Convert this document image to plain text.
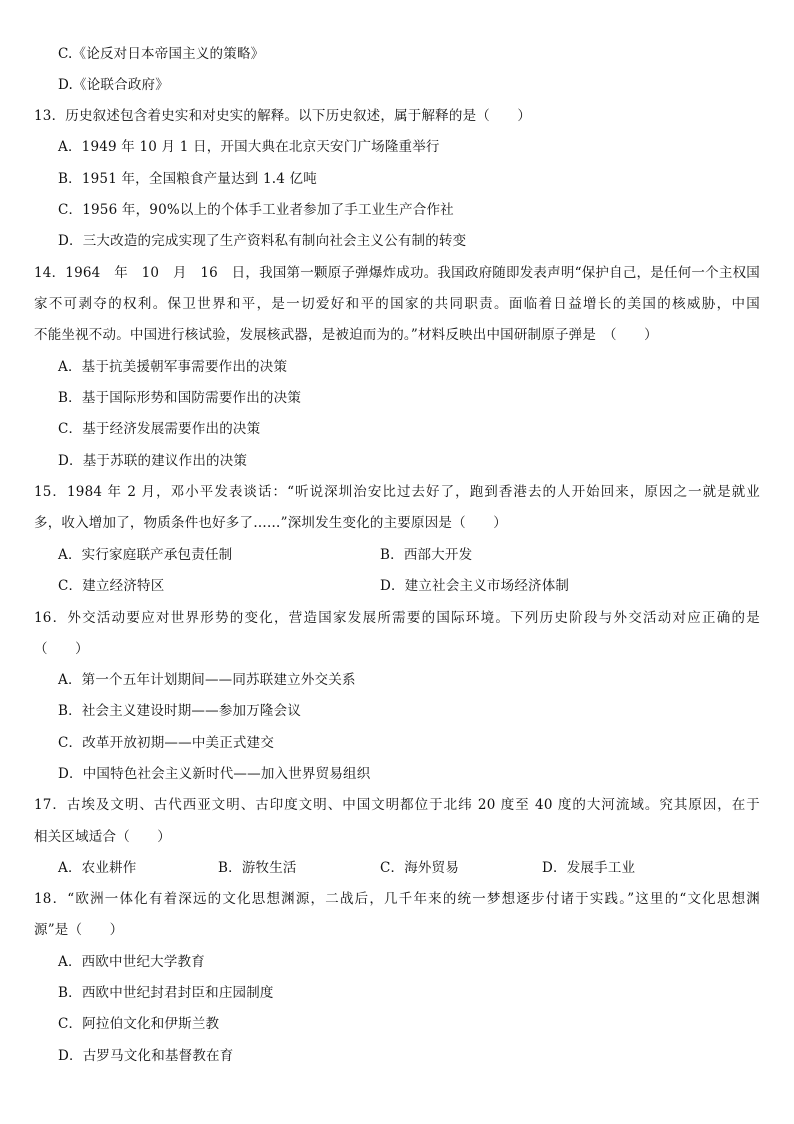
C.《论反对日本帝国主义的策略》
D.《论联合政府》
13．历史叙述包含着史实和对史实的解释。以下历史叙述，属于解释的是（　　）
A．1949 年 10 月 1 日，开国大典在北京天安门广场隆重举行
B．1951 年，全国粮食产量达到 1.4 亿吨
C．1956 年，90%以上的个体手工业者参加了手工业生产合作社
D．三大改造的完成实现了生产资料私有制向社会主义公有制的转变
14．1964　年　10　月　16　日，我国第一颗原子弹爆炸成功。我国政府随即发表声明“保护自己，是任何一个主权国
家不可剥夺的权利。保卫世界和平，是一切爱好和平的国家的共同职责。面临着日益增长的美国的核威胁，中国
不能坐视不动。中国进行核试验，发展核武器，是被迫而为的。”材料反映出中国研制原子弹是　（　　）
A．基于抗美援朝军事需要作出的决策
B．基于国际形势和国防需要作出的决策
C．基于经济发展需要作出的决策
D．基于苏联的建议作出的决策
15．1984 年 2 月，邓小平发表谈话：“听说深圳治安比过去好了，跑到香港去的人开始回来，原因之一就是就业
多，收入增加了，物质条件也好多了……”深圳发生变化的主要原因是（　　）
A．实行家庭联产承包责任制	B．西部大开发
C．建立经济特区	D．建立社会主义市场经济体制
16．外交活动要应对世界形势的变化，营造国家发展所需要的国际环境。下列历史阶段与外交活动对应正确的是
（　　）
A．第一个五年计划期间——同苏联建立外交关系
B．社会主义建设时期——参加万隆会议
C．改革开放初期——中美正式建交
D．中国特色社会主义新时代——加入世界贸易组织
17．古埃及文明、古代西亚文明、古印度文明、中国文明都位于北纬 20 度至 40 度的大河流域。究其原因，在于
相关区域适合（　　）
A．农业耕作	B．游牧生活	C．海外贸易	D．发展手工业
18．“欧洲一体化有着深远的文化思想渊源，二战后，几千年来的统一梦想逐步付诸于实践。”这里的“文化思想渊
源”是（　　）
A．西欧中世纪大学教育
B．西欧中世纪封君封臣和庄园制度
C．阿拉伯文化和伊斯兰教
D．古罗马文化和基督教在育
